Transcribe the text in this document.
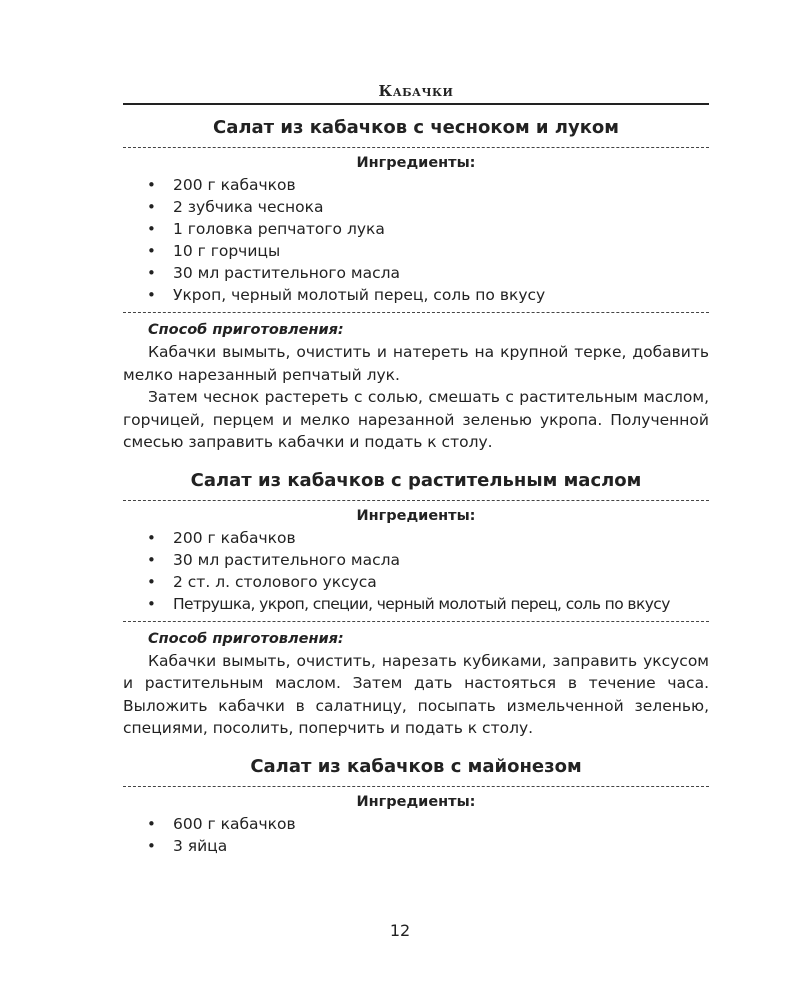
Кабачки
Салат из кабачков с чесноком и луком
Ингредиенты:
• 200 г кабачков
• 2 зубчика чеснока
• 1 головка репчатого лука
• 10 г горчицы
• 30 мл растительного масла
• Укроп, черный молотый перец, соль по вкусу
Способ приготовления:

Кабачки вымыть, очистить и натереть на крупной терке, добавить мелко нарезанный репчатый лук.

Затем чеснок растереть с солью, смешать с растительным маслом, горчицей, перцем и мелко нарезанной зеленью укропа. Полученной смесью заправить кабачки и подать к столу.

Салат из кабачков с растительным маслом
Ингредиенты:
• 200 г кабачков
• 30 мл растительного масла
• 2 ст. л. столового уксуса
• Петрушка, укроп, специи, черный молотый перец, соль по вкусу
Способ приготовления:

Кабачки вымыть, очистить, нарезать кубиками, заправить уксусом и растительным маслом. Затем дать настояться в течение часа. Выложить кабачки в салатницу, посыпать измельченной зеленью, специями, посолить, поперчить и подать к столу.

Салат из кабачков с майонезом
Ингредиенты:
• 600 г кабачков
• 3 яйца
12
